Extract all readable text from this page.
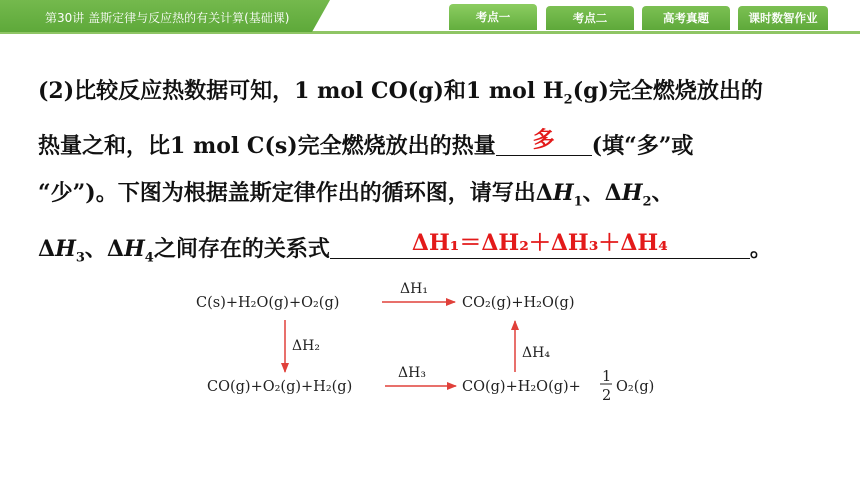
第30讲 盖斯定律与反应热的有关计算(基础课)	考点一	考点二	高考真题	课时数智作业
(2)比较反应热数据可知，1 mol CO(g)和1 mol $H_2(g)$完全燃烧放出的
热量之和，比1 mol C(s)完全燃烧放出的热量	多	(填“多”或
“少”)。下图为根据盖斯定律作出的循环图，请写出$\Delta H_1$、$\Delta H_2$、
$\Delta H_3$、$\Delta H_4$之间存在的关系式	ΔH₁＝ΔH₂＋ΔH₃＋ΔH₄	。
C(s)+H₂O(g)+O₂(g)	CO₂(g)+H₂O(g)
CO(g)+O₂(g)+H₂(g)	CO(g)+H₂O(g)+
1
2
O₂(g)
ΔH₁
ΔH₂
ΔH₃
ΔH₄
